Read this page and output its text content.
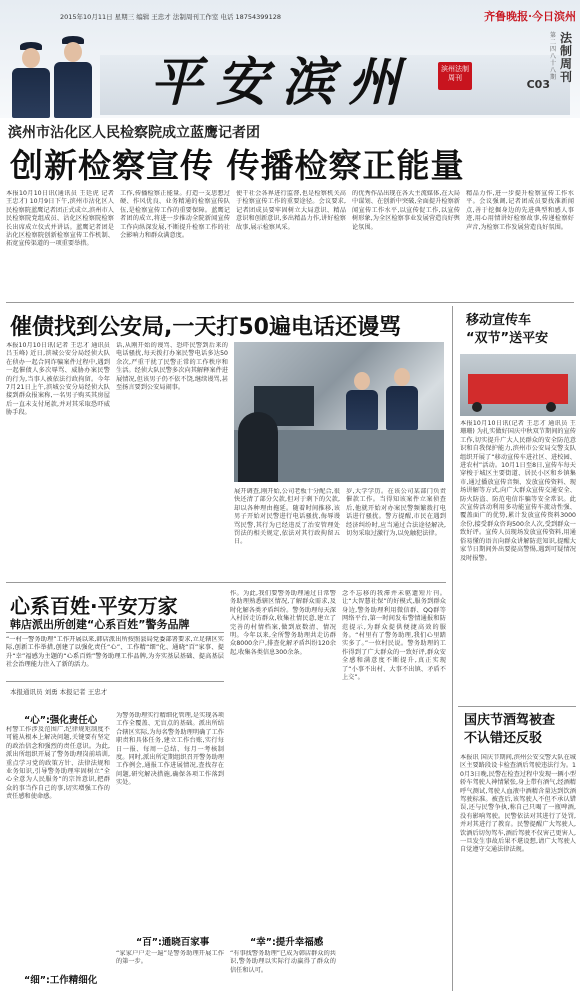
2015年10月11日 星期三 编辑 王忠才 法制周刊工作室 电话 18754399128
平安滨州	滨州法制 周刊
齐鲁晚报·今日滨州
法制周刊
第二四八十八期
C03
滨州市沾化区人民检察院成立蓝鹰记者团
创新检察宣传 传播检察正能量
本报10月10日讯(通讯员 王廷虎 记者 王忠才) 10月9日下午,滨州市沾化区人民检察院蓝鹰记者团正式成立,滨州市人民检察院党组成员、沾化区检察院检察长出席成立仪式并讲话。蓝鹰记者团是沾化区检察院创新检察宣传工作机制、拓宽宣传渠道的一项重要举措。
工作,传播检察正能量。打造一支思想过硬、作风优良、业务精通的检察宣传队伍,是检察宣传工作的重要保障。蓝鹰记者团的成立,将进一步推动全院新闻宣传工作向纵深发展,不断提升检察工作的社会影响力和群众满意度。
使干社会各界进行监督,也是检察机关高于检察宣传工作的重要途径。会议要求,记者团成员要牢固树立大局意识、精品意识和创新意识,多出精品力作,讲好检察故事,展示检察风采。
的优秀作品出现在各大主流媒体,在大局中谋划、在创新中突破,全面提升检察新闻宣传工作水平,以宣传促工作,以宣传树形象,为全区检察事业发展营造良好舆论氛围。
精品力作,进一步提升检察宣传工作水平。会议强调,记者团成员要找准新闻点,善于挖掘身边的先进典型和感人事迹,用心用情讲好检察故事,传递检察好声音,为检察工作发展营造良好氛围。
催债找到公安局,一天打50遍电话还谩骂
本报10月10日讯(记者 王忠才 通讯员 吕玉峰) 近日,滨城公安分局经侦大队在侦办一起合同诈骗案件过程中,遇到一起催债人多次辱骂、威胁办案民警的行为,当事人被依法行政拘留。今年7月21日上午,滨城公安分局经侦大队接到群众报案称,一名男子购买其房屋后一直未支付尾款,并对其采取恐吓威胁手段。
话,从刚开始的谩骂、恐吓民警到后来的电话骚扰,每天拨打办案民警电话多达50余次,严重干扰了民警正常的工作秩序和生活。经侦大队民警多次向其解释案件进展情况,但该男子仍不依不饶,继续谩骂,甚至扬言要到公安局闹事。
展开调查,刚开始,公司老板十分配合,很快还清了部分欠款,但对于剩下的欠款,却以各种理由拖延。随着时间推移,该男子开始对民警进行电话骚扰,侮辱谩骂民警,其行为已经违反了治安管理处罚法的相关规定,依法对其行政拘留五日。
岁,大学学历。在该公司某部门负责催款工作。当得知该案件立案侦查后,他就开始对办案民警频繁拨打电话进行骚扰。警方提醒,市民在遇到经济纠纷时,应当通过合法途径解决,切勿采取过激行为,以免触犯法律。
移动宣传车
“双节”送平安
本报10月10日讯(记者 王忠才 通讯员 王珊珊) 为扎实做好国庆中秋双节期间的宣传工作,切实提升广大人民群众的安全防范意识和自我保护能力,滨州市公安局交警支队组织开展了“移动宣传车进社区、进校园、进农村”活动。10月1日至8日,宣传车每天穿梭于城区主要街道、居民小区和乡镇集市,通过播放宣传音频、发放宣传资料、现场讲解等方式,向广大群众宣传交通安全、防火防盗、防范电信诈骗等安全常识。此次宣传活动利用多功能宣传车流动性强、覆盖面广的优势,累计发放宣传资料3000余份,接受群众咨询500余人次,受到群众一致好评。宣传人员现场发放宣传资料,用通俗易懂的语言向群众讲解防范知识,提醒大家节日期间外出要提高警惕,遇到可疑情况及时报警。
心系百姓·平安万家
韩店派出所创建“心系百姓”警务品牌
“一村一警务助理”工作开展以来,韩店派出所按照县局党委部署要求,立足辖区实际,创新工作举措,创建了以强化责任“心”、工作精“细”化、通晓“百”家事、提升“幸”福感为主题的“心系百姓”警务助理工作品牌,为夯实基层基础、提高基层社会治理能力注入了新的活力。
本报通讯员 刘勇 本报记者 王忠才
“心”:强化责任心
村警工作涉及范围广,纪律规矩制度不可能从根本上解决问题,关键要有坚定的政治信念和强烈的责任意识。为此,派出所组织开展了警务助理岗前培训,重点学习党的政策方针、法律法规和业务知识,引导警务助理牢固树立“全心全意为人民服务”的宗旨意识,把群众的事当作自己的事,切实增强工作的责任感和使命感。
“细”:工作精细化
为警务助理实行精细化管理,是实现各项工作全覆盖、无盲点的基础。派出所结合辖区实际,为每名警务助理明确了工作职责和具体任务,建立工作台账,实行每日一报、每周一总结、每月一考核制度。同时,派出所定期组织召开警务助理工作例会,通报工作进展情况,查找存在问题,研究解决措施,确保各项工作落到实处。
“百”:通晓百家事
“家家户户走一遍”是警务助理开展工作的第一步。
作。为此,我们要警务助理通过日常警务助理熟悉辖区情况,了解群众需求,及时化解各类矛盾纠纷。警务助理每天深入村居走访群众,收集社情民意,建立了完善的村情档案,做到底数清、情况明。今年以来,全所警务助理共走访群众8000余户,排查化解矛盾纠纷120余起,收集各类信息300余条。
“幸”:提升幸福感
“有事找警务助理”已成为韩店群众的共识,警务助理以实际行动赢得了群众的信任和认可。
念不忘移的我滞并未驱遗短片刊。让“大智慧社保”的好模式,服务到群众身边,警务助理利用微信群、QQ群等网络平台,第一时间发布警情通报和防范提示,为群众提供便捷高效的服务。“村里有了警务助理,我们心里踏实多了。”一位村民说。警务助理的工作得到了广大群众的一致好评,群众安全感和满意度不断提升,真正实现了“小事不出村、大事不出镇、矛盾不上交”。
国庆节酒驾被查
不认错还反驳
本报讯 国庆节期间,滨州公安交警大队在城区主要路段设卡检查酒后驾驶违法行为。10月3日晚,民警在检查过程中发现一辆小型轿车驾驶人神情紧张,身上带有酒气,经酒精呼气测试,驾驶人血液中酒精含量达到饮酒驾驶标准。被查后,该驾驶人不但不承认错误,还与民警争执,称自己只喝了一瓶啤酒,没有影响驾驶。民警依法对其进行了处罚,并对其进行了教育。民警提醒广大驾驶人,饮酒后切勿驾车,酒后驾驶不仅害己更害人,一旦发生事故后果不堪设想,请广大驾驶人自觉遵守交通法律法规。
